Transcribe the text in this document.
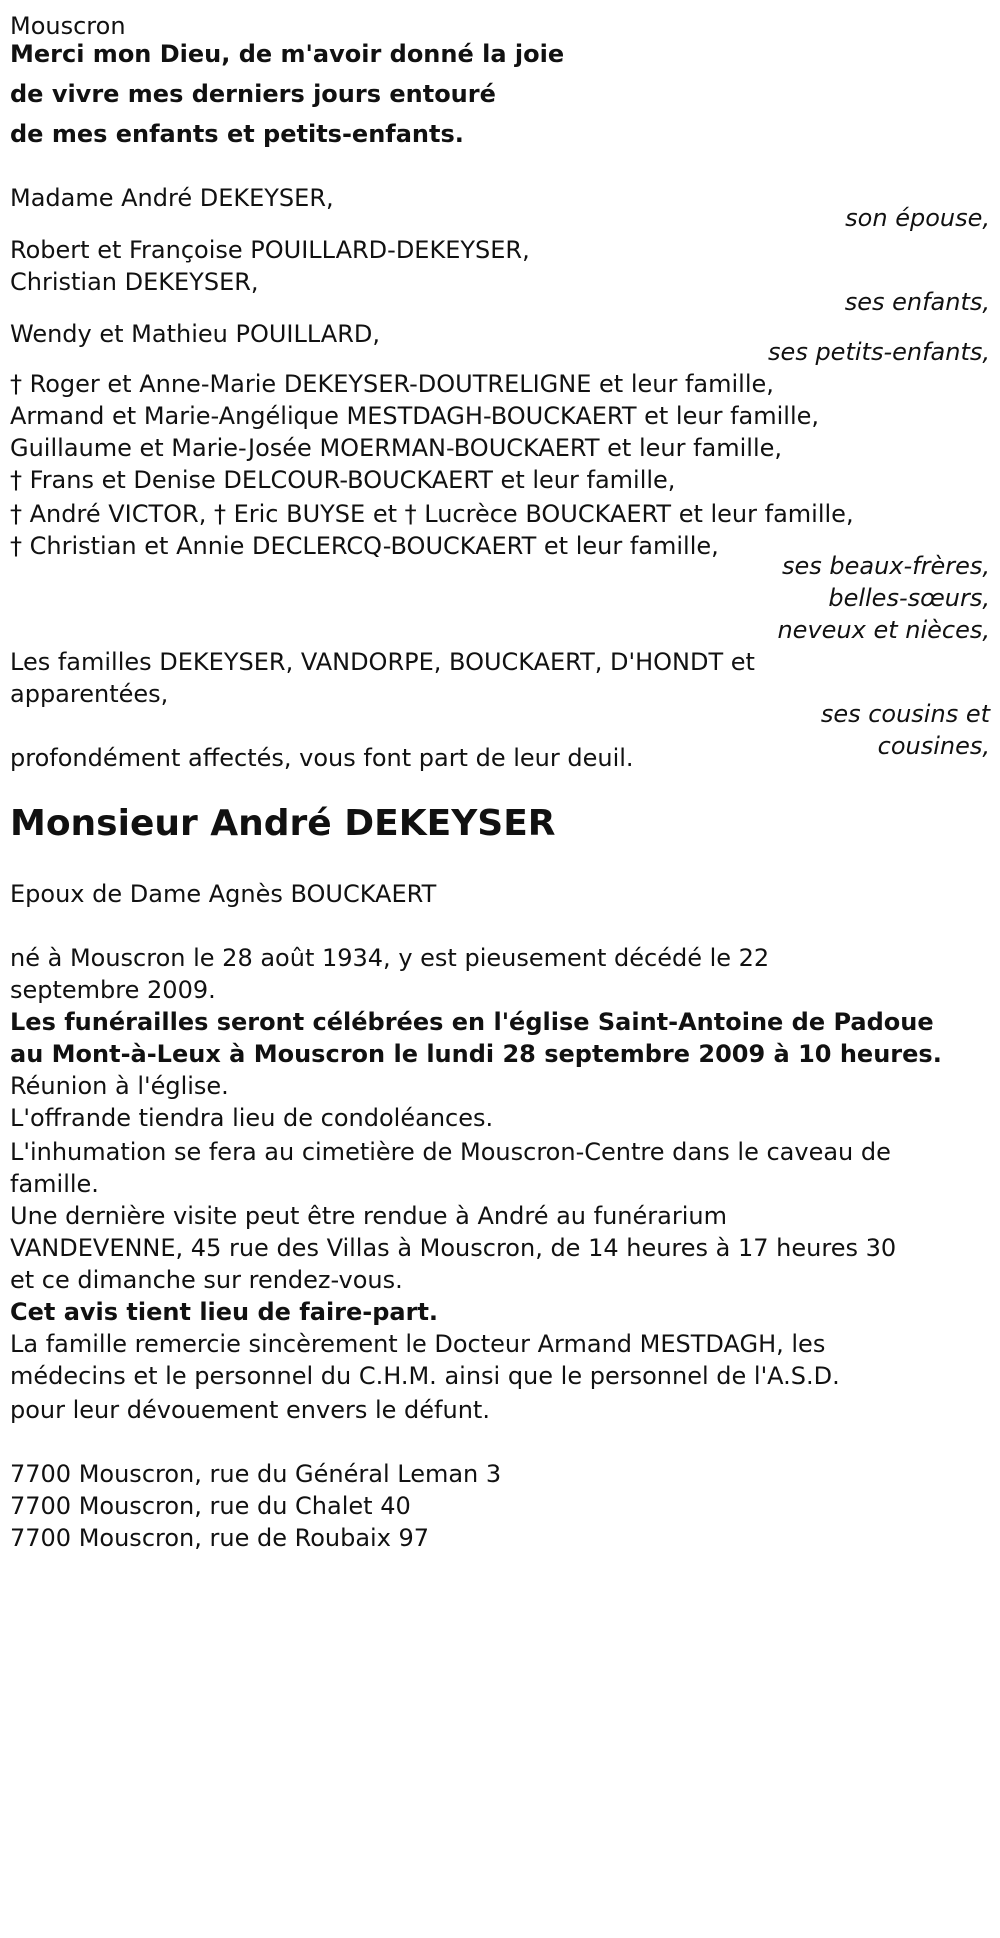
Mouscron
Merci mon Dieu, de m'avoir donné la joie
de vivre mes derniers jours entouré
de mes enfants et petits-enfants.
Madame André DEKEYSER,
son épouse,
Robert et Françoise POUILLARD-DEKEYSER,
Christian DEKEYSER,
ses enfants,
Wendy et Mathieu POUILLARD,
ses petits-enfants,
† Roger et Anne-Marie DEKEYSER-DOUTRELIGNE et leur famille,
Armand et Marie-Angélique MESTDAGH-BOUCKAERT et leur famille,
Guillaume et Marie-Josée MOERMAN-BOUCKAERT et leur famille,
† Frans et Denise DELCOUR-BOUCKAERT et leur famille,
† André VICTOR, † Eric BUYSE et † Lucrèce BOUCKAERT et leur famille,
† Christian et Annie DECLERCQ-BOUCKAERT et leur famille,
ses beaux-frères,
belles-sœurs,
neveux et nièces,
Les familles DEKEYSER, VANDORPE, BOUCKAERT, D'HONDT et
apparentées,
ses cousins et
cousines,
profondément affectés, vous font part de leur deuil.
Monsieur André DEKEYSER
Epoux de Dame Agnès BOUCKAERT
né à Mouscron le 28 août 1934, y est pieusement décédé le 22
septembre 2009.
Les funérailles seront célébrées en l'église Saint-Antoine de Padoue
au Mont-à-Leux à Mouscron le lundi 28 septembre 2009 à 10 heures.
Réunion à l'église.
L'offrande tiendra lieu de condoléances.
L'inhumation se fera au cimetière de Mouscron-Centre dans le caveau de
famille.
Une dernière visite peut être rendue à André au funérarium
VANDEVENNE, 45 rue des Villas à Mouscron, de 14 heures à 17 heures 30
et ce dimanche sur rendez-vous.
Cet avis tient lieu de faire-part.
La famille remercie sincèrement le Docteur Armand MESTDAGH, les
médecins et le personnel du C.H.M. ainsi que le personnel de l'A.S.D.
pour leur dévouement envers le défunt.
7700 Mouscron, rue du Général Leman 3
7700 Mouscron, rue du Chalet 40
7700 Mouscron, rue de Roubaix 97
